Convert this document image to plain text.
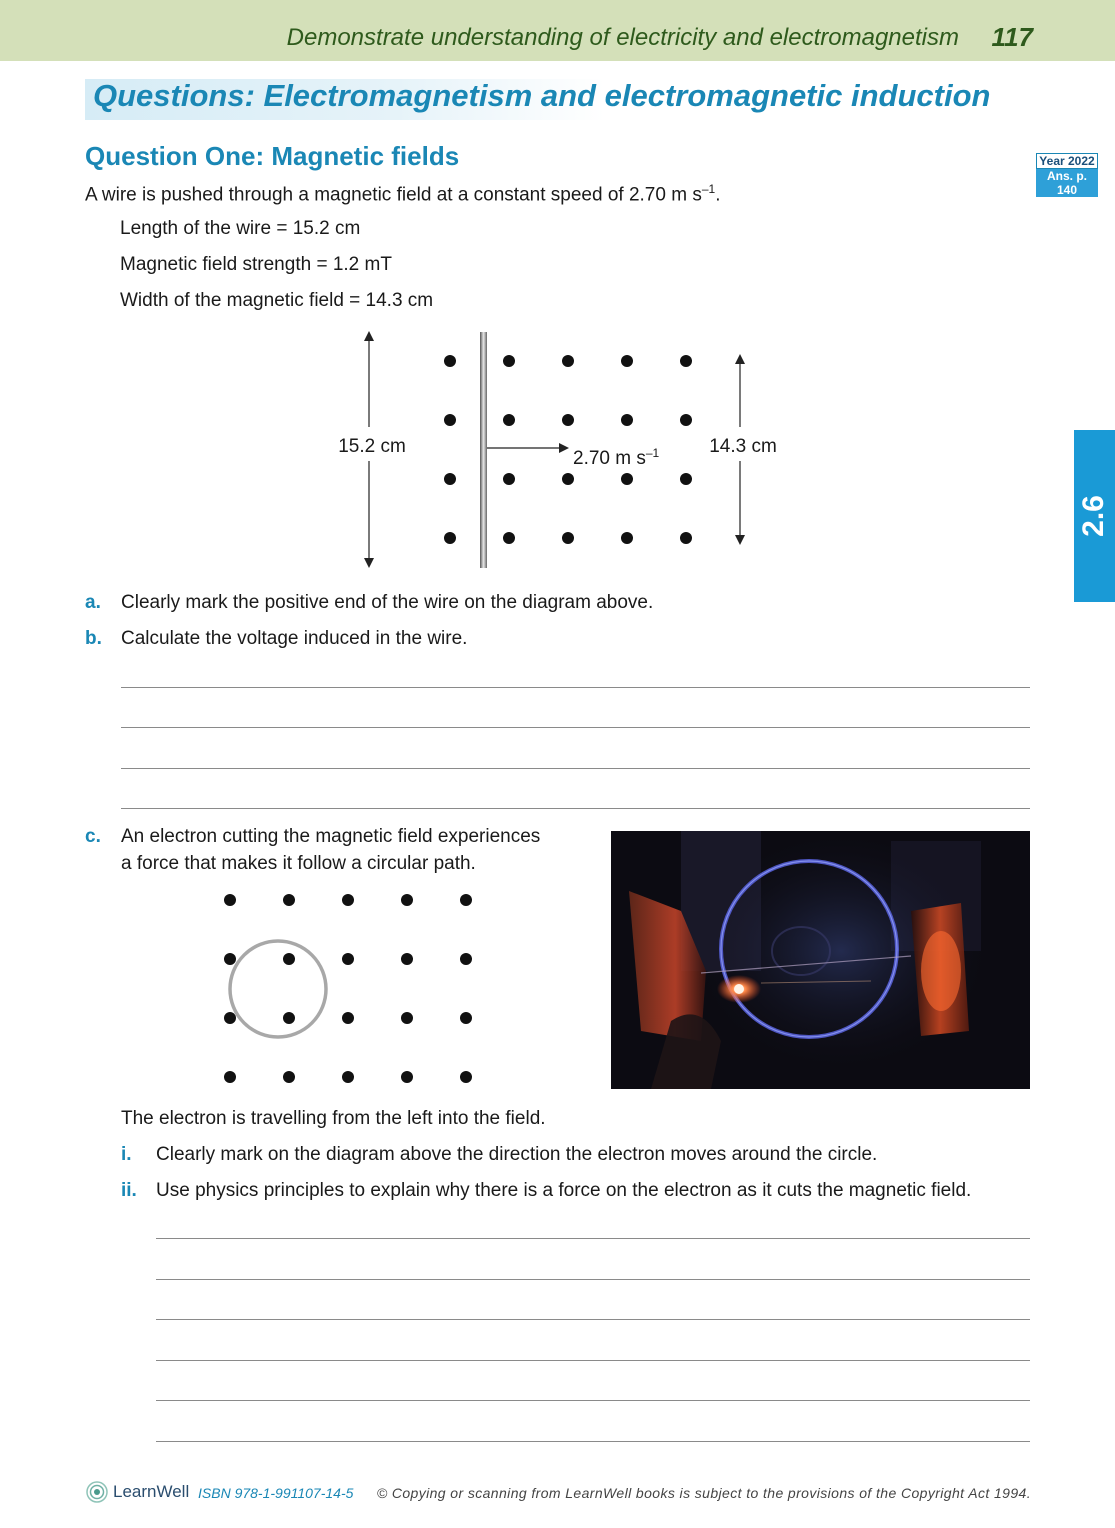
Demonstrate understanding of electricity and electromagnetism 117
Questions: Electromagnetism and electromagnetic induction
Question One: Magnetic fields	Year 2022
Ans. p. 140
2.6
A wire is pushed through a magnetic field at a constant speed of 2.70 m $s^{-1}$.
Length of the wire = 15.2 cm
Magnetic field strength = 1.2 mT
Width of the magnetic field = 14.3 cm
15.2 cm
2.70 m $s^{-1}$	14.3 cm
a. Clearly mark the positive end of the wire on the diagram above.
b. Calculate the voltage induced in the wire.
c. An electron cutting the magnetic field experiences
a force that makes it follow a circular path.
The electron is travelling from the left into the field.
i. Clearly mark on the diagram above the direction the electron moves around the circle.
ii. Use physics principles to explain why there is a force on the electron as it cuts the magnetic field.
LearnWell ISBN 978-1-991107-14-5 © Copying or scanning from LearnWell books is subject to the provisions of the Copyright Act 1994.
